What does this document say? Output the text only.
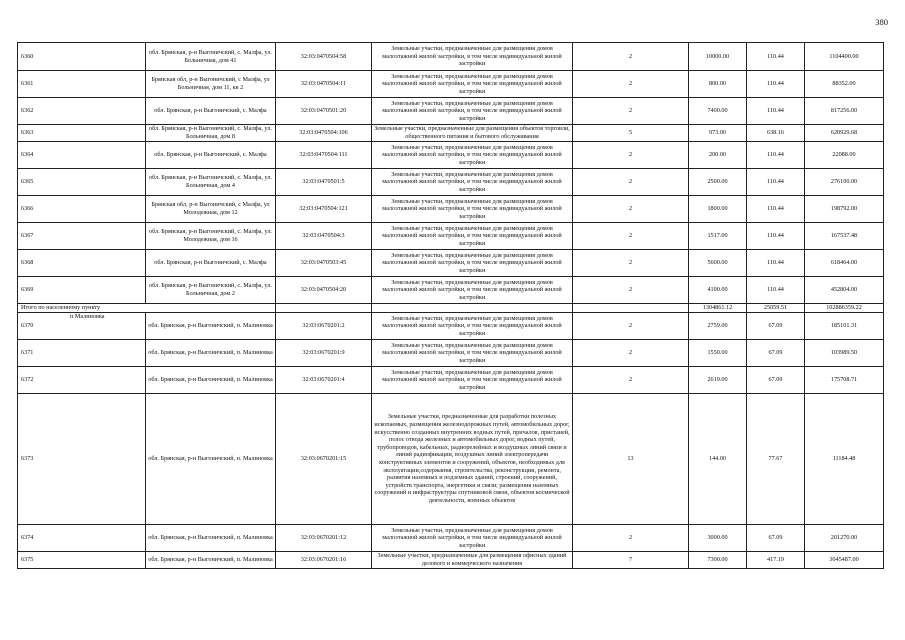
380
6360	обл. Брянская, р-н Выгоничский, с. Малфа, ул. Больничная, дом 41	32:03:0470504:58	Земельные участки, предназначенные для размещения домов малоэтажной жилой застройки, в том числе индивидуальной жилой застройки	2	10000.00	110.44	1104400.00
6361	Брянская обл, р-н Выгоничский, с Малфа, ул Больничная, дом 11, кв 2	32:03:0470504:11	Земельные участки, предназначенные для размещения домов малоэтажной жилой застройки, в том числе индивидуальной жилой застройки	2	800.00	110.44	88352.00
6362	обл. Брянская, р-н Выгоничский, с. Малфа	32:03:0470501:20	Земельные участки, предназначенные для размещения домов малоэтажной жилой застройки, в том числе индивидуальной жилой застройки	2	7400.00	110.44	817256.00
6363	обл. Брянская, р-н Выгоничский, с. Малфа, ул. Больничная, дом 8	32:03:0470504:106	Земельные участки, предназначенные для размещения объектов торговли, общественного питания и бытового обслуживания	5	973.00	638.16	620929.68
6364	обл. Брянская, р-н Выгоничский, с. Малфа	32:03:0470504:111	Земельные участки, предназначенные для размещения домов малоэтажной жилой застройки, в том числе индивидуальной жилой застройки	2	200.00	110.44	22088.00
6365	обл. Брянская, р-н Выгоничский, с. Малфа, ул. Больничная, дом 4	32:03:0470501:5	Земельные участки, предназначенные для размещения домов малоэтажной жилой застройки, в том числе индивидуальной жилой застройки	2	2500.00	110.44	276100.00
6366	Брянская обл, р-н Выгоничский, с Малфа, ул Молодежная, дом 12	32:03:0470504:121	Земельные участки, предназначенные для размещения домов малоэтажной жилой застройки, в том числе индивидуальной жилой застройки	2	1800.00	110.44	198792.00
6367	обл. Брянская, р-н Выгоничский, с. Малфа, ул. Молодежная, дом 16	32:03:0470504:3	Земельные участки, предназначенные для размещения домов малоэтажной жилой застройки, в том числе индивидуальной жилой застройки	2	1517.00	110.44	167537.48
6368	обл. Брянская, р-н Выгоничский, с. Малфа	32:03:0470503:45	Земельные участки, предназначенные для размещения домов малоэтажной жилой застройки, в том числе индивидуальной жилой застройки	2	5600.00	110.44	618464.00
6369	обл. Брянская, р-н Выгоничский, с. Малфа, ул. Больничная, дом 2	32:03:0470504:20	Земельные участки, предназначенные для размещения домов малоэтажной жилой застройки, в том числе индивидуальной жилой застройки	2	4100.00	110.44	452804.00
Итого по населенному пункту					1304861.12	25059.51	102886359.22

п Малиновка
6370	обл. Брянская, р-н Выгоничский, п. Малиновка	32:03:0670201:2	Земельные участки, предназначенные для размещения домов малоэтажной жилой застройки, в том числе индивидуальной жилой застройки	2	2759.00	67.09	185101.31
6371	обл. Брянская, р-н Выгоничский, п. Малиновка	32:03:0670201:9	Земельные участки, предназначенные для размещения домов малоэтажной жилой застройки, в том числе индивидуальной жилой застройки	2	1550.00	67.09	103989.50
6372	обл. Брянская, р-н Выгоничский, п. Малиновка	32:03:0670201:4	Земельные участки, предназначенные для размещения домов малоэтажной жилой застройки, в том числе индивидуальной жилой застройки	2	2619.00	67.09	175708.71
6373	обл. Брянская, р-н Выгоничский, п. Малиновка	32:03:0670201:15	Земельные участки, предназначенные для разработки полезных ископаемых, размещения железнодорожных путей, автомобильных дорог, искусственно созданных внутренних водных путей, причалов, пристаней, полос отвода железных и автомобильных дорог, водных путей, трубопроводов, кабельных, радиорелейных и воздушных линий связи и линий радиофикации, воздушных линий электропередачи конструктивных элементов и сооружений, объектов, необходимых для эксплуатации,содержания, строительства, реконструкции, ремонта, развития наземных и подземных зданий, строений, сооружений, устройств транспорта, энергетики и связи; размещения наземных сооружений и инфраструктуры спутниковой связи, объектов космической деятельности, военных объектов	13	144.00	77.67	11184.48
6374	обл. Брянская, р-н Выгоничский, п. Малиновка	32:03:0670201:12	Земельные участки, предназначенные для размещения домов малоэтажной жилой застройки, в том числе индивидуальной жилой застройки	2	3000.00	67.09	201270.00
6375	обл. Брянская, р-н Выгоничский, п. Малиновка	32:03:0670201:16	Земельные участки, предназначенные для размещения офисных зданий делового и коммерческого назначения	7	7300.00	417.19	3045487.00
